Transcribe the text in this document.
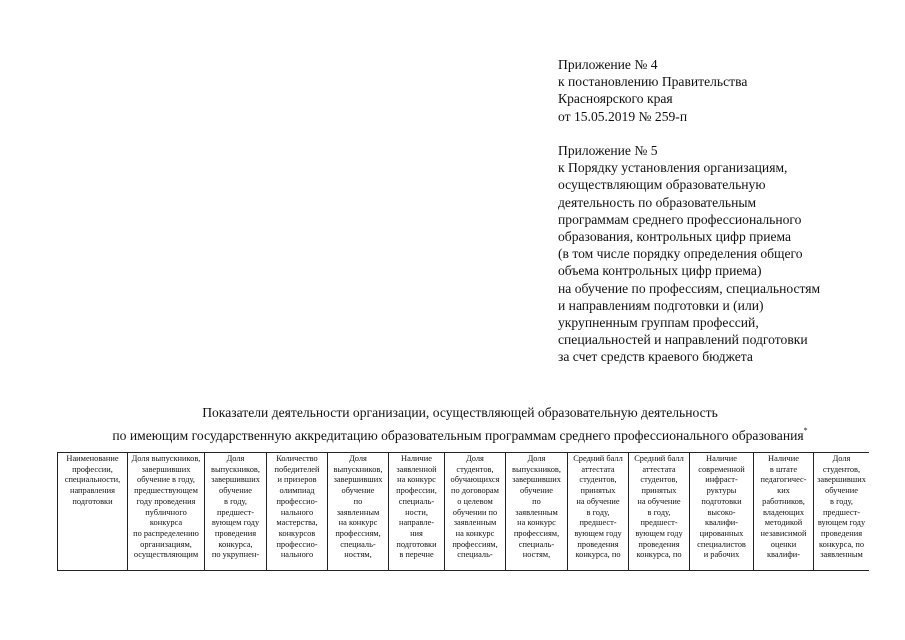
Приложение № 4
к постановлению Правительства
Красноярского края
от 15.05.2019 № 259-п
Приложение № 5
к Порядку установления организациям,
осуществляющим образовательную
деятельность по образовательным
программам среднего профессионального
образования, контрольных цифр приема
(в том числе порядку определения общего
объема контрольных цифр приема)
на обучение по профессиям, специальностям
и направлениям подготовки и (или)
укрупненным группам профессий,
специальностей и направлений подготовки
за счет средств краевого бюджета
Показатели деятельности организации, осуществляющей образовательную деятельность
по имеющим государственную аккредитацию образовательным программам среднего профессионального образования*
Наименование
профессии,
специальности,
направления
подготовки

Доля выпускников,
завершивших
обучение в году,
предшествующем
году проведения
публичного
конкурса
по распределению
организациям,
осуществляющим

Доля
выпускников,
завершивших
обучение
в году,
предшест-
вующем году
проведения
конкурса,
по укрупнен-

Количество
победителей
и призеров
олимпиад
профессио-
нального
мастерства,
конкурсов
профессио-
нального

Доля
выпускников,
завершивших
обучение
по
заявленным
на конкурс
профессиям,
специаль-
ностям,

Наличие
заявленной
на конкурс
профессии,
специаль-
ности,
направле-
ния
подготовки
в перечне

Доля
студентов,
обучающихся
по договорам
о целевом
обучении по
заявленным
на конкурс
профессиям,
специаль-

Доля
выпускников,
завершивших
обучение
по
заявленным
на конкурс
профессиям,
специаль-
ностям,

Средний балл
аттестата
студентов,
принятых
на обучение
в году,
предшест-
вующем году
проведения
конкурса, по

Средний балл
аттестата
студентов,
принятых
на обучение
в году,
предшест-
вующем году
проведения
конкурса, по

Наличие
современной
инфраст-
руктуры
подготовки
высоко-
квалифи-
цированных
специалистов
и рабочих

Наличие
в штате
педагогичес-
ких
работников,
владеющих
методикой
независимой
оценки
квалифи-

Доля
студентов,
завершивших
обучение
в году,
предшест-
вующем году
проведения
конкурса, по
заявленным
